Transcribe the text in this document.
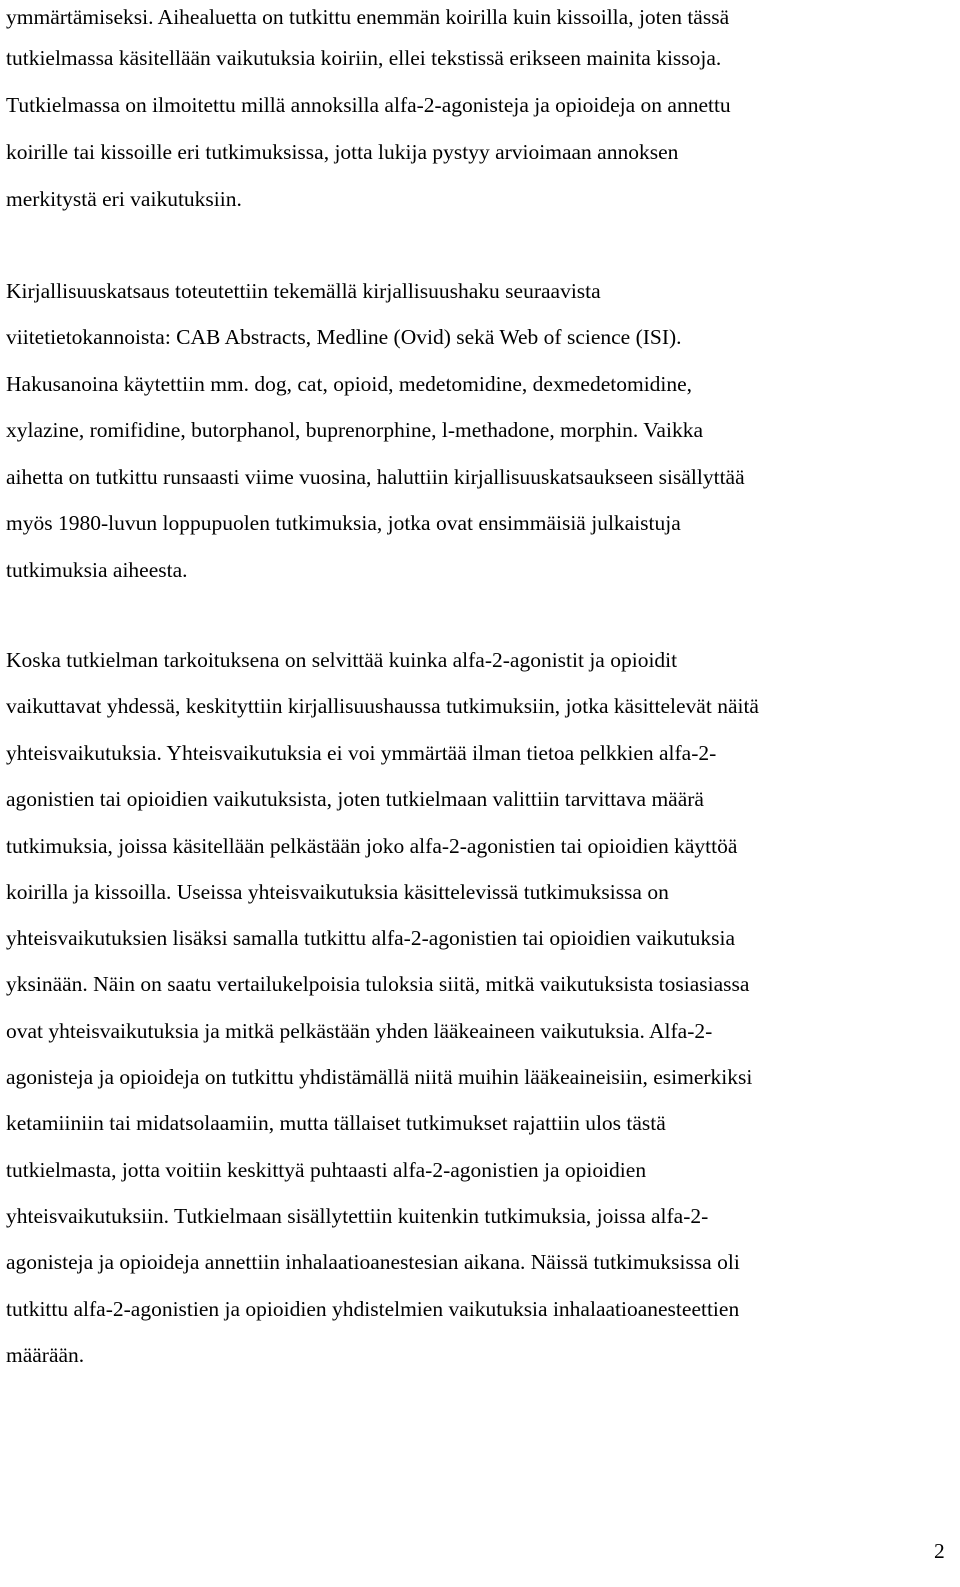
ymmärtämiseksi. Aihealuetta on tutkittu enemmän koirilla kuin kissoilla, joten tässä

tutkielmassa käsitellään vaikutuksia koiriin, ellei tekstissä erikseen mainita kissoja.

Tutkielmassa on ilmoitettu millä annoksilla alfa-2-agonisteja ja opioideja on annettu

koirille tai kissoille eri tutkimuksissa, jotta lukija pystyy arvioimaan annoksen

merkitystä eri vaikutuksiin.

Kirjallisuuskatsaus toteutettiin tekemällä kirjallisuushaku seuraavista

viitetietokannoista: CAB Abstracts, Medline (Ovid) sekä Web of science (ISI).

Hakusanoina käytettiin mm. dog, cat, opioid, medetomidine, dexmedetomidine,

xylazine, romifidine, butorphanol, buprenorphine, l-methadone, morphin. Vaikka

aihetta on tutkittu runsaasti viime vuosina, haluttiin kirjallisuuskatsaukseen sisällyttää

myös 1980-luvun loppupuolen tutkimuksia, jotka ovat ensimmäisiä julkaistuja

tutkimuksia aiheesta.

Koska tutkielman tarkoituksena on selvittää kuinka alfa-2-agonistit ja opioidit

vaikuttavat yhdessä, keskityttiin kirjallisuushaussa tutkimuksiin, jotka käsittelevät näitä

yhteisvaikutuksia. Yhteisvaikutuksia ei voi ymmärtää ilman tietoa pelkkien alfa-2-

agonistien tai opioidien vaikutuksista, joten tutkielmaan valittiin tarvittava määrä

tutkimuksia, joissa käsitellään pelkästään joko alfa-2-agonistien tai opioidien käyttöä

koirilla ja kissoilla. Useissa yhteisvaikutuksia käsittelevissä tutkimuksissa on

yhteisvaikutuksien lisäksi samalla tutkittu alfa-2-agonistien tai opioidien vaikutuksia

yksinään. Näin on saatu vertailukelpoisia tuloksia siitä, mitkä vaikutuksista tosiasiassa

ovat yhteisvaikutuksia ja mitkä pelkästään yhden lääkeaineen vaikutuksia. Alfa-2-

agonisteja ja opioideja on tutkittu yhdistämällä niitä muihin lääkeaineisiin, esimerkiksi

ketamiiniin tai midatsolaamiin, mutta tällaiset tutkimukset rajattiin ulos tästä

tutkielmasta, jotta voitiin keskittyä puhtaasti alfa-2-agonistien ja opioidien

yhteisvaikutuksiin. Tutkielmaan sisällytettiin kuitenkin tutkimuksia, joissa alfa-2-

agonisteja ja opioideja annettiin inhalaatioanestesian aikana. Näissä tutkimuksissa oli

tutkittu alfa-2-agonistien ja opioidien yhdistelmien vaikutuksia inhalaatioanesteettien

määrään.

2
